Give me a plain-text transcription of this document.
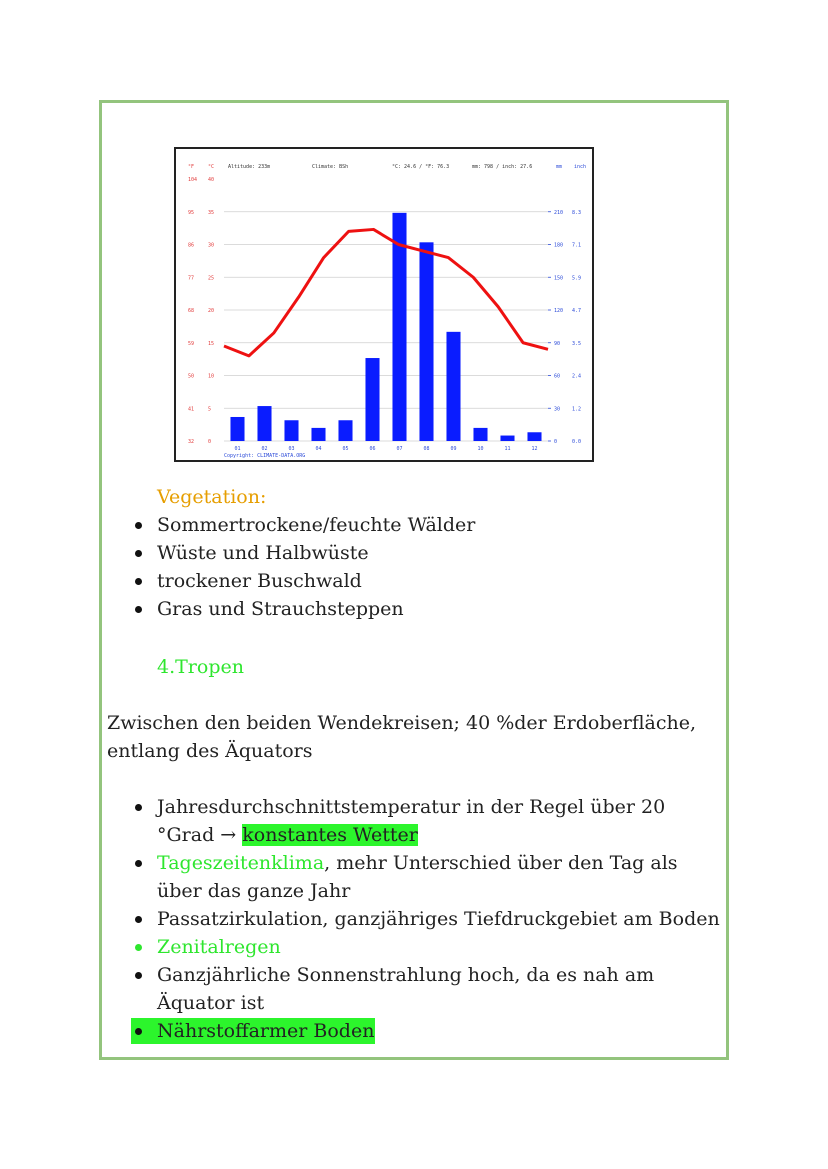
40
104
35
95
30
86
25
77
20
68
15
59
10
50
5
41
0
32
210 8.3
180 7.1
150 5.9
120 4.7
90 3.5
60 2.4
30 1.2
0	0.0
01	02	03	04	05	06	07	08	09	10	11	12
°F	°C	Altitude: 233m	Climate: BSh	°C: 24.6 / °F: 76.3	mm: 798 / inch: 27.6	mm inch
Copyright: CLIMATE-DATA.ORG
Vegetation:
Sommertrockene/feuchte Wälder
Wüste und Halbwüste
trockener Buschwald
Gras und Strauchsteppen
4.Tropen
Zwischen den beiden Wendekreisen; 40 %der Erdoberfläche,
entlang des Äquators
Jahresdurchschnittstemperatur in der Regel über 20
°Grad → konstantes Wetter
Tageszeitenklima, mehr Unterschied über den Tag als
über das ganze Jahr
Passatzirkulation, ganzjähriges Tiefdruckgebiet am Boden
Zenitalregen
Ganzjährliche Sonnenstrahlung hoch, da es nah am
Äquator ist
Nährstoffarmer Boden
